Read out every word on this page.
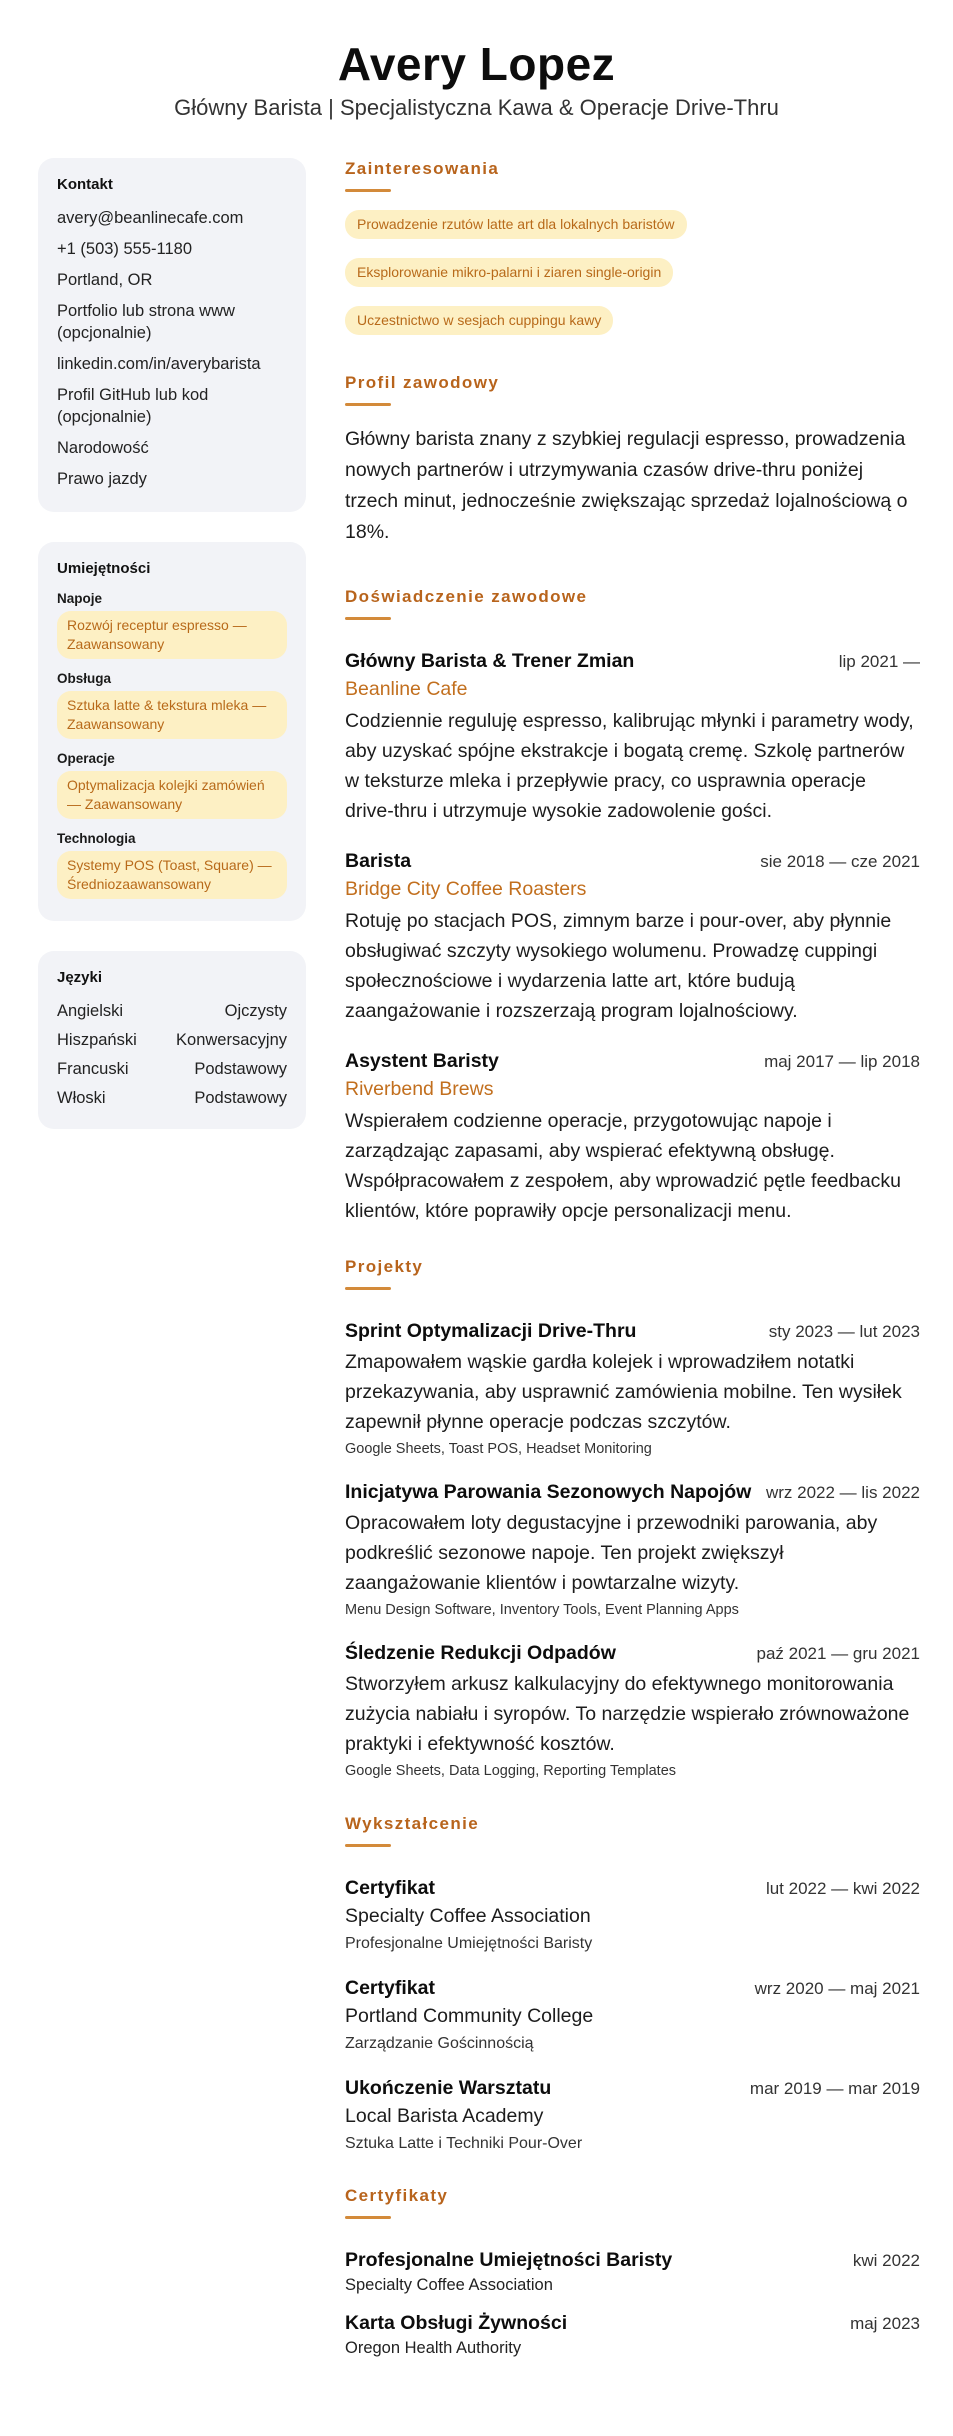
Avery Lopez
Główny Barista | Specjalistyczna Kawa & Operacje Drive-Thru
Kontakt
avery@beanlinecafe.com
+1 (503) 555-1180
Portland, OR
Portfolio lub strona www (opcjonalnie)
linkedin.com/in/averybarista
Profil GitHub lub kod (opcjonalnie)
Narodowość
Prawo jazdy
Umiejętności
Napoje
Rozwój receptur espresso — Zaawansowany
Obsługa
Sztuka latte & tekstura mleka — Zaawansowany
Operacje
Optymalizacja kolejki zamówień — Zaawansowany
Technologia
Systemy POS (Toast, Square) — Średniozaawansowany
Języki
Angielski	Ojczysty
Hiszpański Konwersacyjny
Francuski	Podstawowy
Włoski	Podstawowy
Zainteresowania
Prowadzenie rzutów latte art dla lokalnych baristów
Eksplorowanie mikro-palarni i ziaren single-origin
Uczestnictwo w sesjach cuppingu kawy
Profil zawodowy
Główny barista znany z szybkiej regulacji espresso, prowadzenia nowych partnerów i utrzymywania czasów drive-thru poniżej trzech minut, jednocześnie zwiększając sprzedaż lojalnościową o 18%.
Doświadczenie zawodowe
Główny Barista & Trener Zmian	lip 2021 —
Beanline Cafe
Codziennie reguluję espresso, kalibrując młynki i parametry wody, aby uzyskać spójne ekstrakcje i bogatą cremę. Szkolę partnerów w teksturze mleka i przepływie pracy, co usprawnia operacje drive-thru i utrzymuje wysokie zadowolenie gości.
Barista	sie 2018 — cze 2021
Bridge City Coffee Roasters
Rotuję po stacjach POS, zimnym barze i pour-over, aby płynnie obsługiwać szczyty wysokiego wolumenu. Prowadzę cuppingi społecznościowe i wydarzenia latte art, które budują zaangażowanie i rozszerzają program lojalnościowy.
Asystent Baristy	maj 2017 — lip 2018
Riverbend Brews
Wspierałem codzienne operacje, przygotowując napoje i zarządzając zapasami, aby wspierać efektywną obsługę. Współpracowałem z zespołem, aby wprowadzić pętle feedbacku klientów, które poprawiły opcje personalizacji menu.
Projekty
Sprint Optymalizacji Drive-Thru	sty 2023 — lut 2023
Zmapowałem wąskie gardła kolejek i wprowadziłem notatki przekazywania, aby usprawnić zamówienia mobilne. Ten wysiłek zapewnił płynne operacje podczas szczytów.
Google Sheets, Toast POS, Headset Monitoring
Inicjatywa Parowania Sezonowych Napojów wrz 2022 — lis 2022
Opracowałem loty degustacyjne i przewodniki parowania, aby podkreślić sezonowe napoje. Ten projekt zwiększył zaangażowanie klientów i powtarzalne wizyty.
Menu Design Software, Inventory Tools, Event Planning Apps
Śledzenie Redukcji Odpadów	paź 2021 — gru 2021
Stworzyłem arkusz kalkulacyjny do efektywnego monitorowania zużycia nabiału i syropów. To narzędzie wspierało zrównoważone praktyki i efektywność kosztów.
Google Sheets, Data Logging, Reporting Templates
Wykształcenie
Certyfikat	lut 2022 — kwi 2022
Specialty Coffee Association
Profesjonalne Umiejętności Baristy
Certyfikat	wrz 2020 — maj 2021
Portland Community College
Zarządzanie Gościnnością
Ukończenie Warsztatu	mar 2019 — mar 2019
Local Barista Academy
Sztuka Latte i Techniki Pour-Over
Certyfikaty
Profesjonalne Umiejętności Baristy	kwi 2022
Specialty Coffee Association
Karta Obsługi Żywności	maj 2023
Oregon Health Authority
